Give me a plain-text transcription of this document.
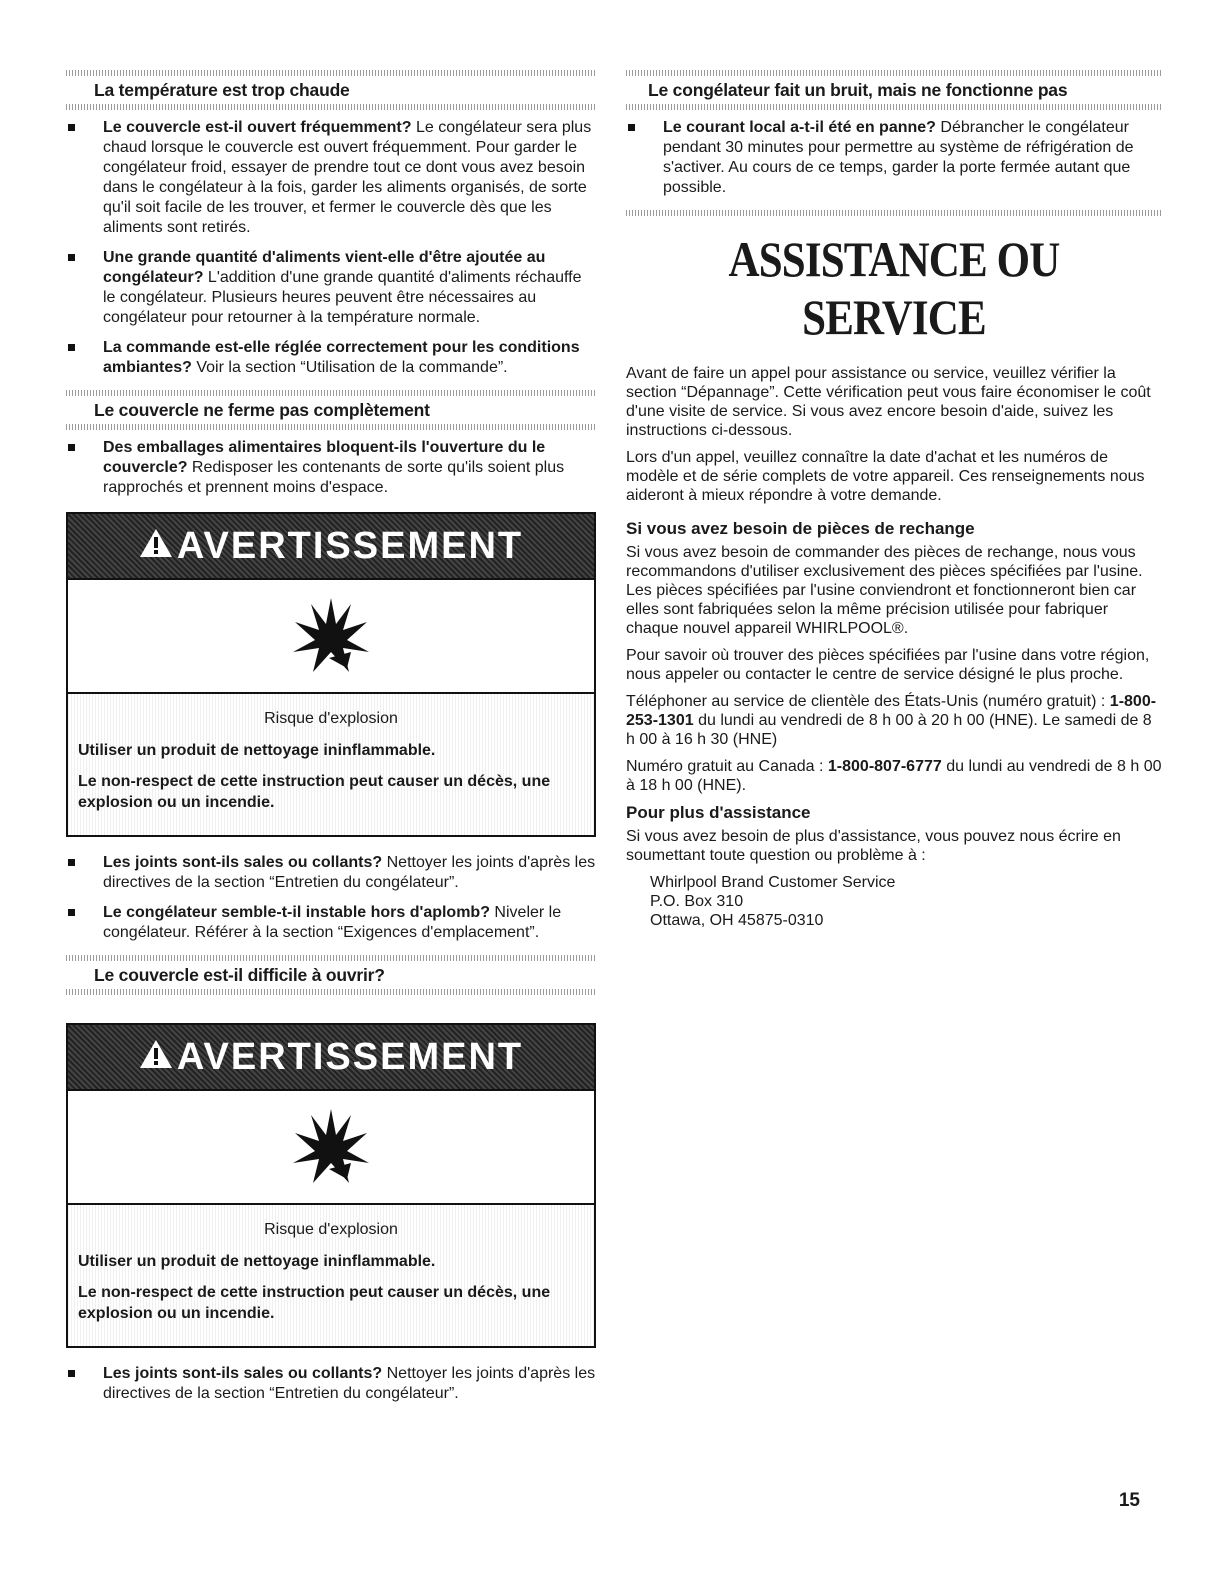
La température est trop chaude
Le couvercle est-il ouvert fréquemment? Le congélateur sera plus chaud lorsque le couvercle est ouvert fréquemment. Pour garder le congélateur froid, essayer de prendre tout ce dont vous avez besoin dans le congélateur à la fois, garder les aliments organisés, de sorte qu'il soit facile de les trouver, et fermer le couvercle dès que les aliments sont retirés.
Une grande quantité d'aliments vient-elle d'être ajoutée au congélateur? L'addition d'une grande quantité d'aliments réchauffe le congélateur. Plusieurs heures peuvent être nécessaires au congélateur pour retourner à la température normale.
La commande est-elle réglée correctement pour les conditions ambiantes? Voir la section “Utilisation de la commande”.
Le couvercle ne ferme pas complètement
Des emballages alimentaires bloquent-ils l'ouverture du le couvercle? Redisposer les contenants de sorte qu'ils soient plus rapprochés et prennent moins d'espace.
AVERTISSEMENT
Risque d'explosion
Utiliser un produit de nettoyage ininflammable.
Le non-respect de cette instruction peut causer un décès, une explosion ou un incendie.
Les joints sont-ils sales ou collants? Nettoyer les joints d'après les directives de la section “Entretien du congélateur”.
Le congélateur semble-t-il instable hors d'aplomb? Niveler le congélateur. Référer à la section “Exigences d'emplacement”.
Le couvercle est-il difficile à ouvrir?
AVERTISSEMENT
Risque d'explosion
Utiliser un produit de nettoyage ininflammable.
Le non-respect de cette instruction peut causer un décès, une explosion ou un incendie.
Les joints sont-ils sales ou collants? Nettoyer les joints d'après les directives de la section “Entretien du congélateur”.
Le congélateur fait un bruit, mais ne fonctionne pas
Le courant local a-t-il été en panne? Débrancher le congélateur pendant 30 minutes pour permettre au système de réfrigération de s'activer. Au cours de ce temps, garder la porte fermée autant que possible.
ASSISTANCE OU SERVICE

Avant de faire un appel pour assistance ou service, veuillez vérifier la section “Dépannage”. Cette vérification peut vous faire économiser le coût d'une visite de service. Si vous avez encore besoin d'aide, suivez les instructions ci-dessous.

Lors d'un appel, veuillez connaître la date d'achat et les numéros de modèle et de série complets de votre appareil. Ces renseignements nous aideront à mieux répondre à votre demande.

Si vous avez besoin de pièces de rechange

Si vous avez besoin de commander des pièces de rechange, nous vous recommandons d'utiliser exclusivement des pièces spécifiées par l'usine. Les pièces spécifiées par l'usine conviendront et fonctionneront bien car elles sont fabriquées selon la même précision utilisée pour fabriquer chaque nouvel appareil WHIRLPOOL®.

Pour savoir où trouver des pièces spécifiées par l'usine dans votre région, nous appeler ou contacter le centre de service désigné le plus proche.

Téléphoner au service de clientèle des États-Unis (numéro gratuit) : 1-800-253-1301 du lundi au vendredi de 8 h 00 à 20 h 00 (HNE). Le samedi de 8 h 00 à 16 h 30 (HNE)

Numéro gratuit au Canada : 1-800-807-6777 du lundi au vendredi de 8 h 00 à 18 h 00 (HNE).

Pour plus d'assistance

Si vous avez besoin de plus d'assistance, vous pouvez nous écrire en soumettant toute question ou problème à :

Whirlpool Brand Customer Service
P.O. Box 310
Ottawa, OH 45875-0310
15
